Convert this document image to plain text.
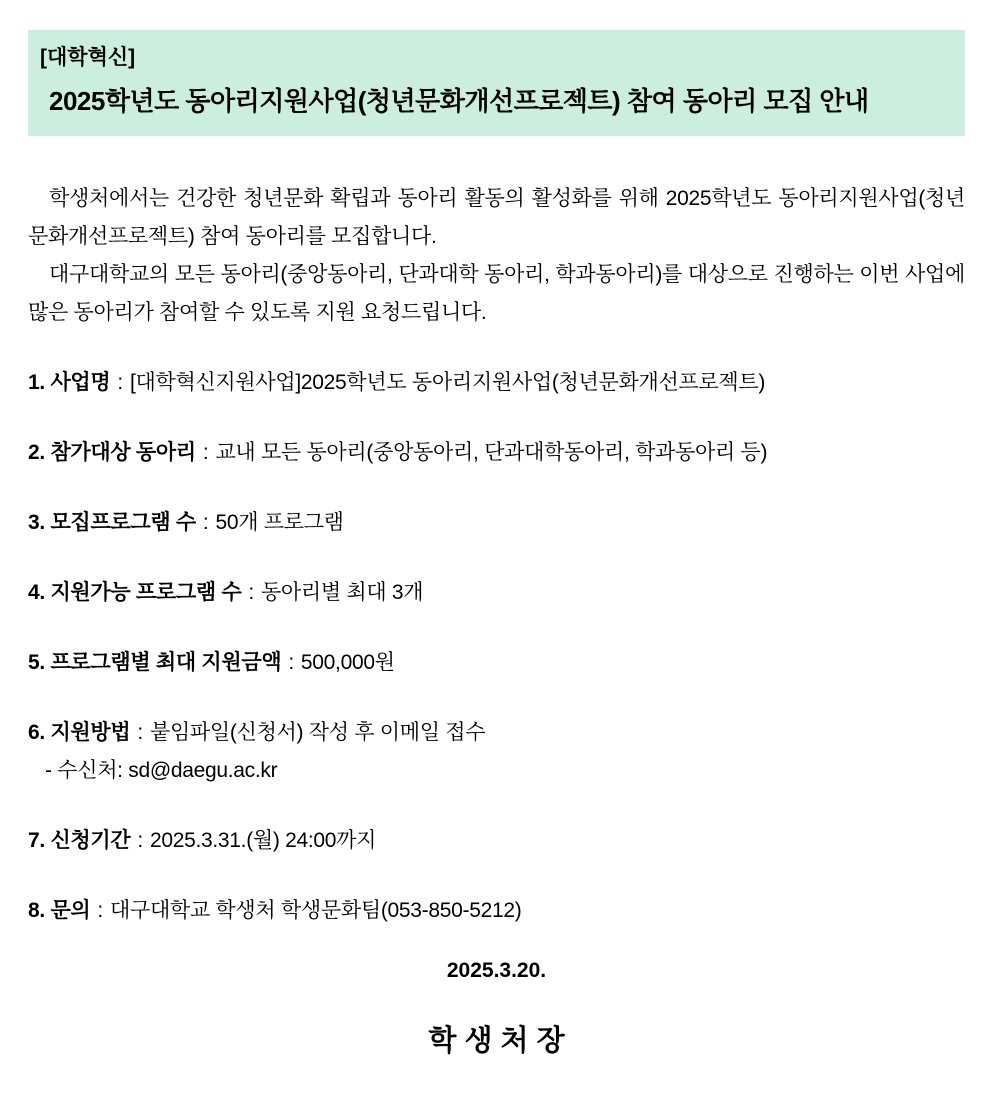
[대학혁신]
2025학년도 동아리지원사업(청년문화개선프로젝트) 참여 동아리 모집 안내

학생처에서는 건강한 청년문화 확립과 동아리 활동의 활성화를 위해 2025학년도 동아리지원사업(청년문화개선프로젝트) 참여 동아리를 모집합니다.

대구대학교의 모든 동아리(중앙동아리, 단과대학 동아리, 학과동아리)를 대상으로 진행하는 이번 사업에 많은 동아리가 참여할 수 있도록 지원 요청드립니다.

1. 사업명 : [대학혁신지원사업]2025학년도 동아리지원사업(청년문화개선프로젝트)
2. 참가대상 동아리 : 교내 모든 동아리(중앙동아리, 단과대학동아리, 학과동아리 등)
3. 모집프로그램 수 : 50개 프로그램
4. 지원가능 프로그램 수 : 동아리별 최대 3개
5. 프로그램별 최대 지원금액 : 500,000원
6. 지원방법 : 붙임파일(신청서) 작성 후 이메일 접수
- 수신처: sd@daegu.ac.kr
7. 신청기간 : 2025.3.31.(월) 24:00까지
8. 문의 : 대구대학교 학생처 학생문화팀(053-850-5212)
2025.3.20.
학 생 처 장
